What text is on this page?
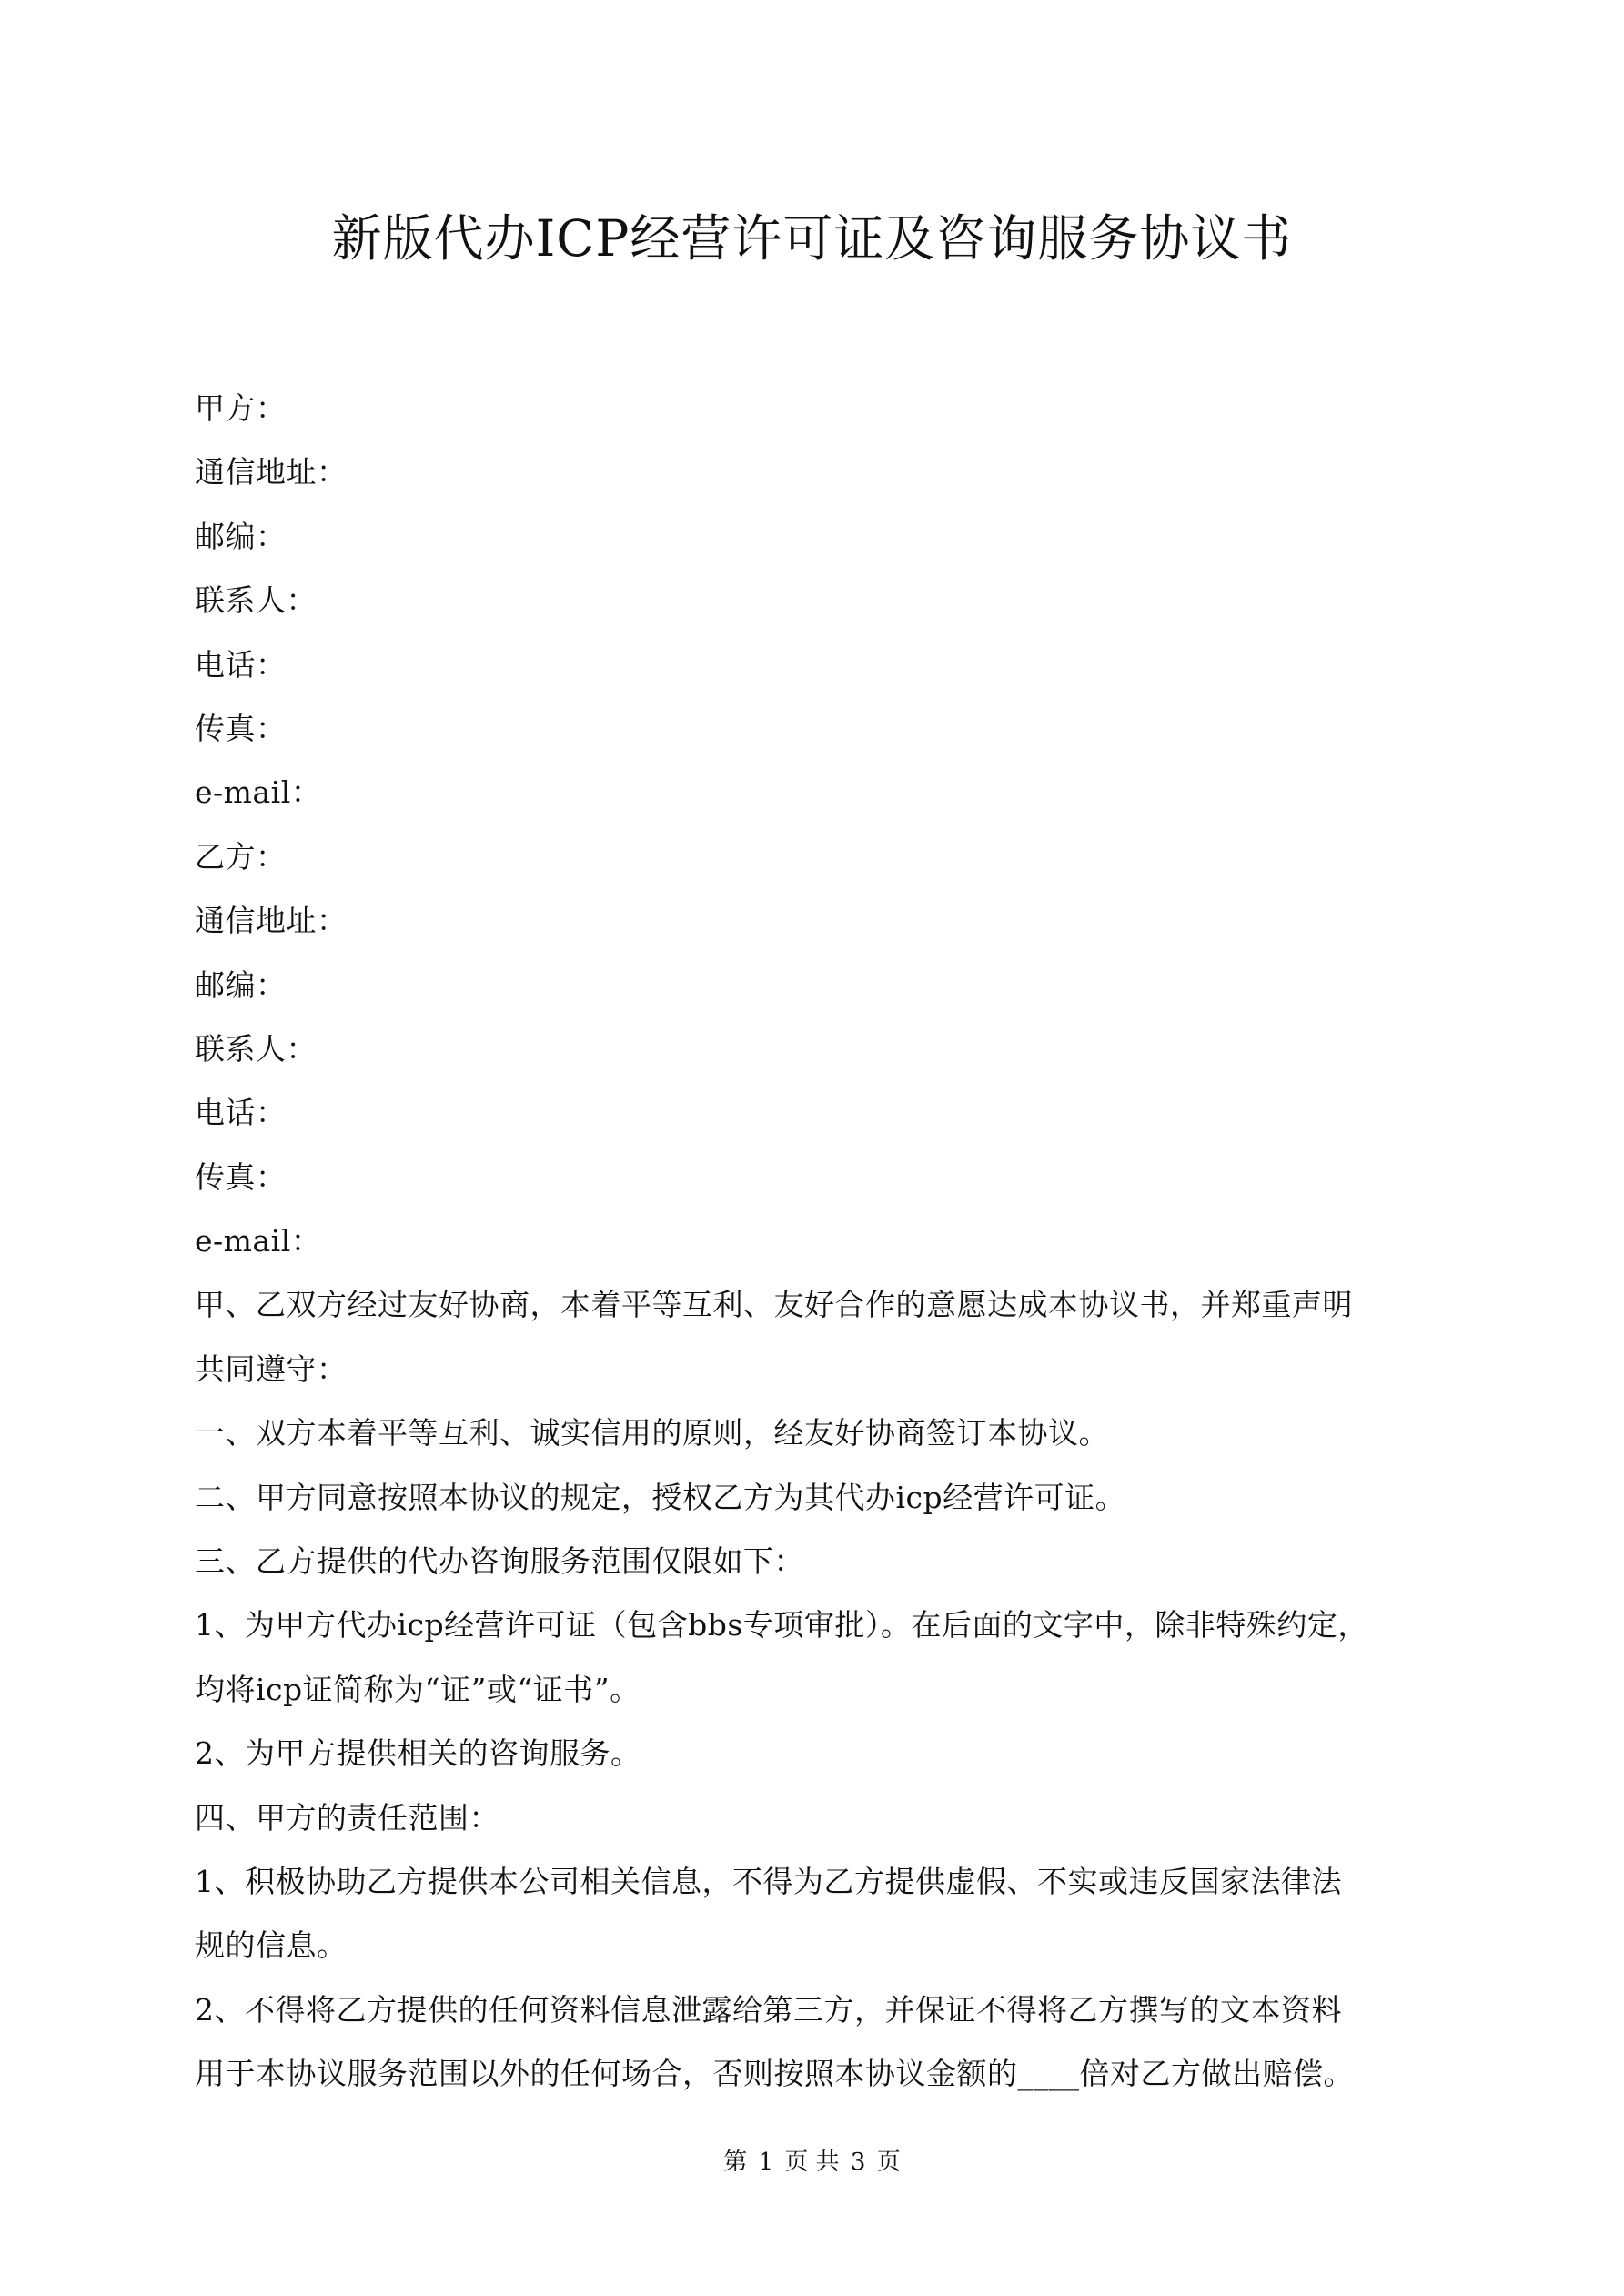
新版代办ICP经营许可证及咨询服务协议书

甲方：

通信地址：

邮编：

联系人：

电话：

传真：

e-mail：

乙方：

通信地址：

邮编：

联系人：

电话：

传真：

e-mail：

甲、乙双方经过友好协商，本着平等互利、友好合作的意愿达成本协议书，并郑重声明

共同遵守：

一、双方本着平等互利、诚实信用的原则，经友好协商签订本协议。

二、甲方同意按照本协议的规定，授权乙方为其代办icp经营许可证。

三、乙方提供的代办咨询服务范围仅限如下：

1、为甲方代办icp经营许可证（包含bbs专项审批）。在后面的文字中，除非特殊约定，

均将icp证简称为“证”或“证书”。

2、为甲方提供相关的咨询服务。

四、甲方的责任范围：

1、积极协助乙方提供本公司相关信息，不得为乙方提供虚假、不实或违反国家法律法

规的信息。

2、不得将乙方提供的任何资料信息泄露给第三方，并保证不得将乙方撰写的文本资料

用于本协议服务范围以外的任何场合，否则按照本协议金额的____倍对乙方做出赔偿。

第 1 页 共 3 页
